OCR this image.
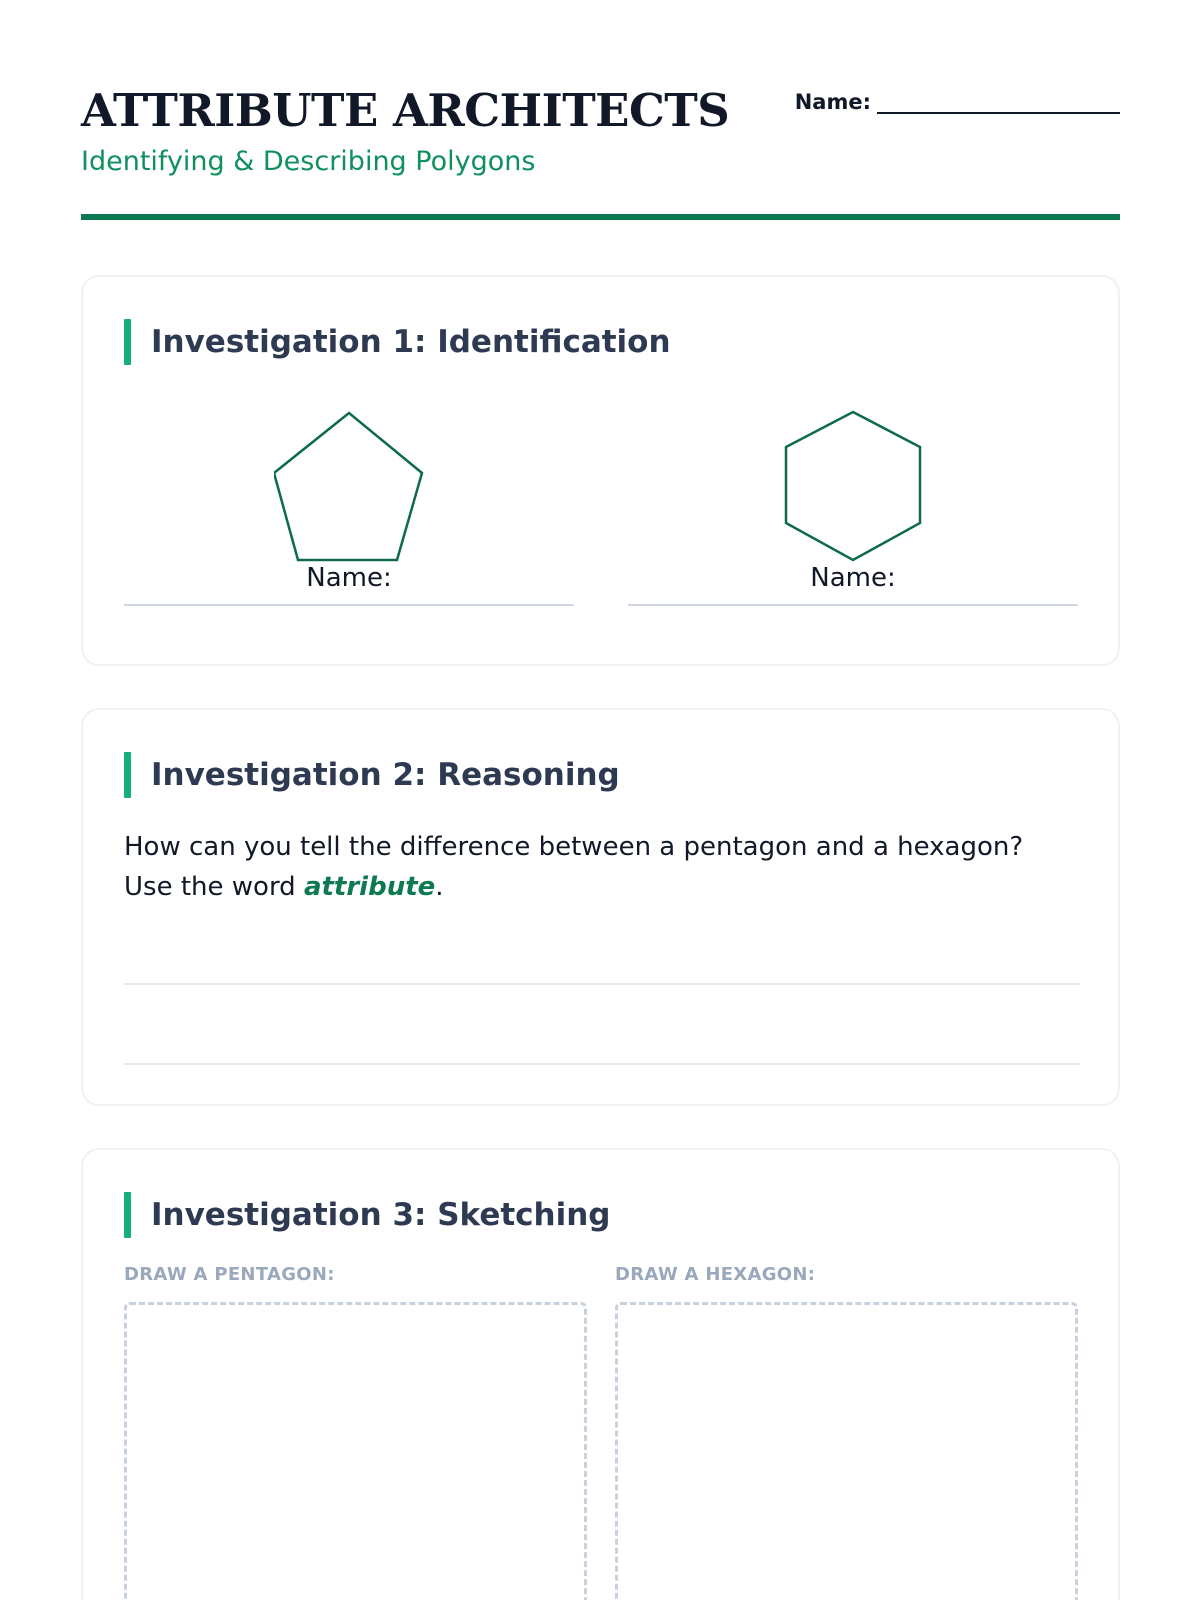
ATTRIBUTE ARCHITECTS
Identifying & Describing Polygons
Name:
Investigation 1: Identification
Name:	Name:
Investigation 2: Reasoning
How can you tell the difference between a pentagon and a hexagon? Use the word attribute.
Investigation 3: Sketching
DRAW A PENTAGON:	DRAW A HEXAGON:
